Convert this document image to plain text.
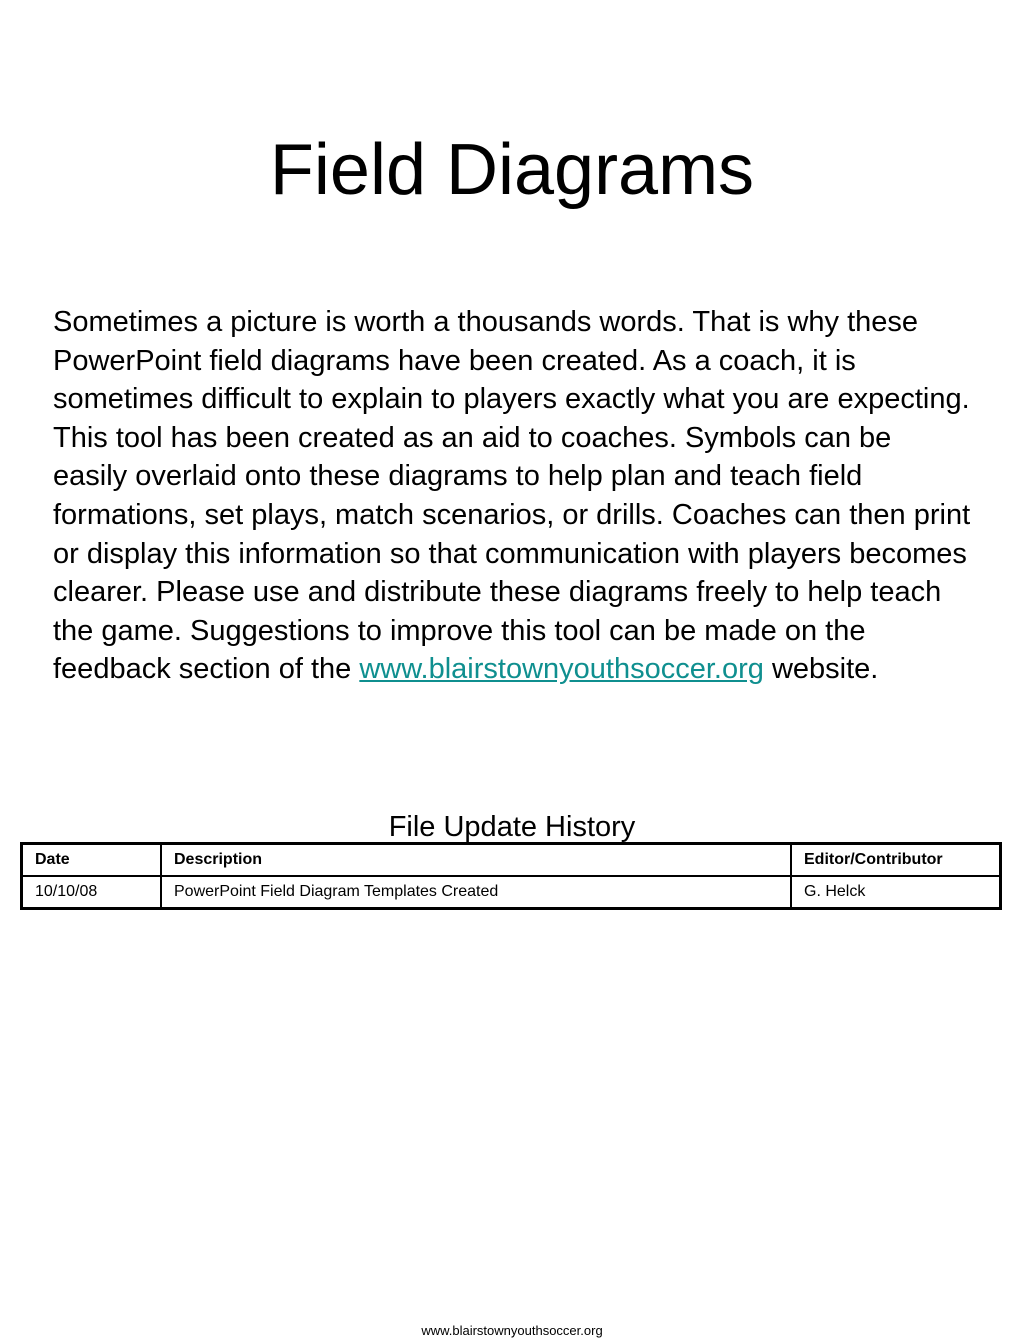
Field Diagrams

Sometimes a picture is worth a thousands words. That is why these PowerPoint field diagrams have been created. As a coach, it is sometimes difficult to explain to players exactly what you are expecting. This tool has been created as an aid to coaches. Symbols can be easily overlaid onto these diagrams to help plan and teach field formations, set plays, match scenarios, or drills. Coaches can then print or display this information so that communication with players becomes clearer. Please use and distribute these diagrams freely to help teach the game. Suggestions to improve this tool can be made on the feedback section of the www.blairstownyouthsoccer.org website.

File Update History
Date	Description	Editor/Contributor
10/10/08	PowerPoint Field Diagram Templates Created	G. Helck
www.blairstownyouthsoccer.org
